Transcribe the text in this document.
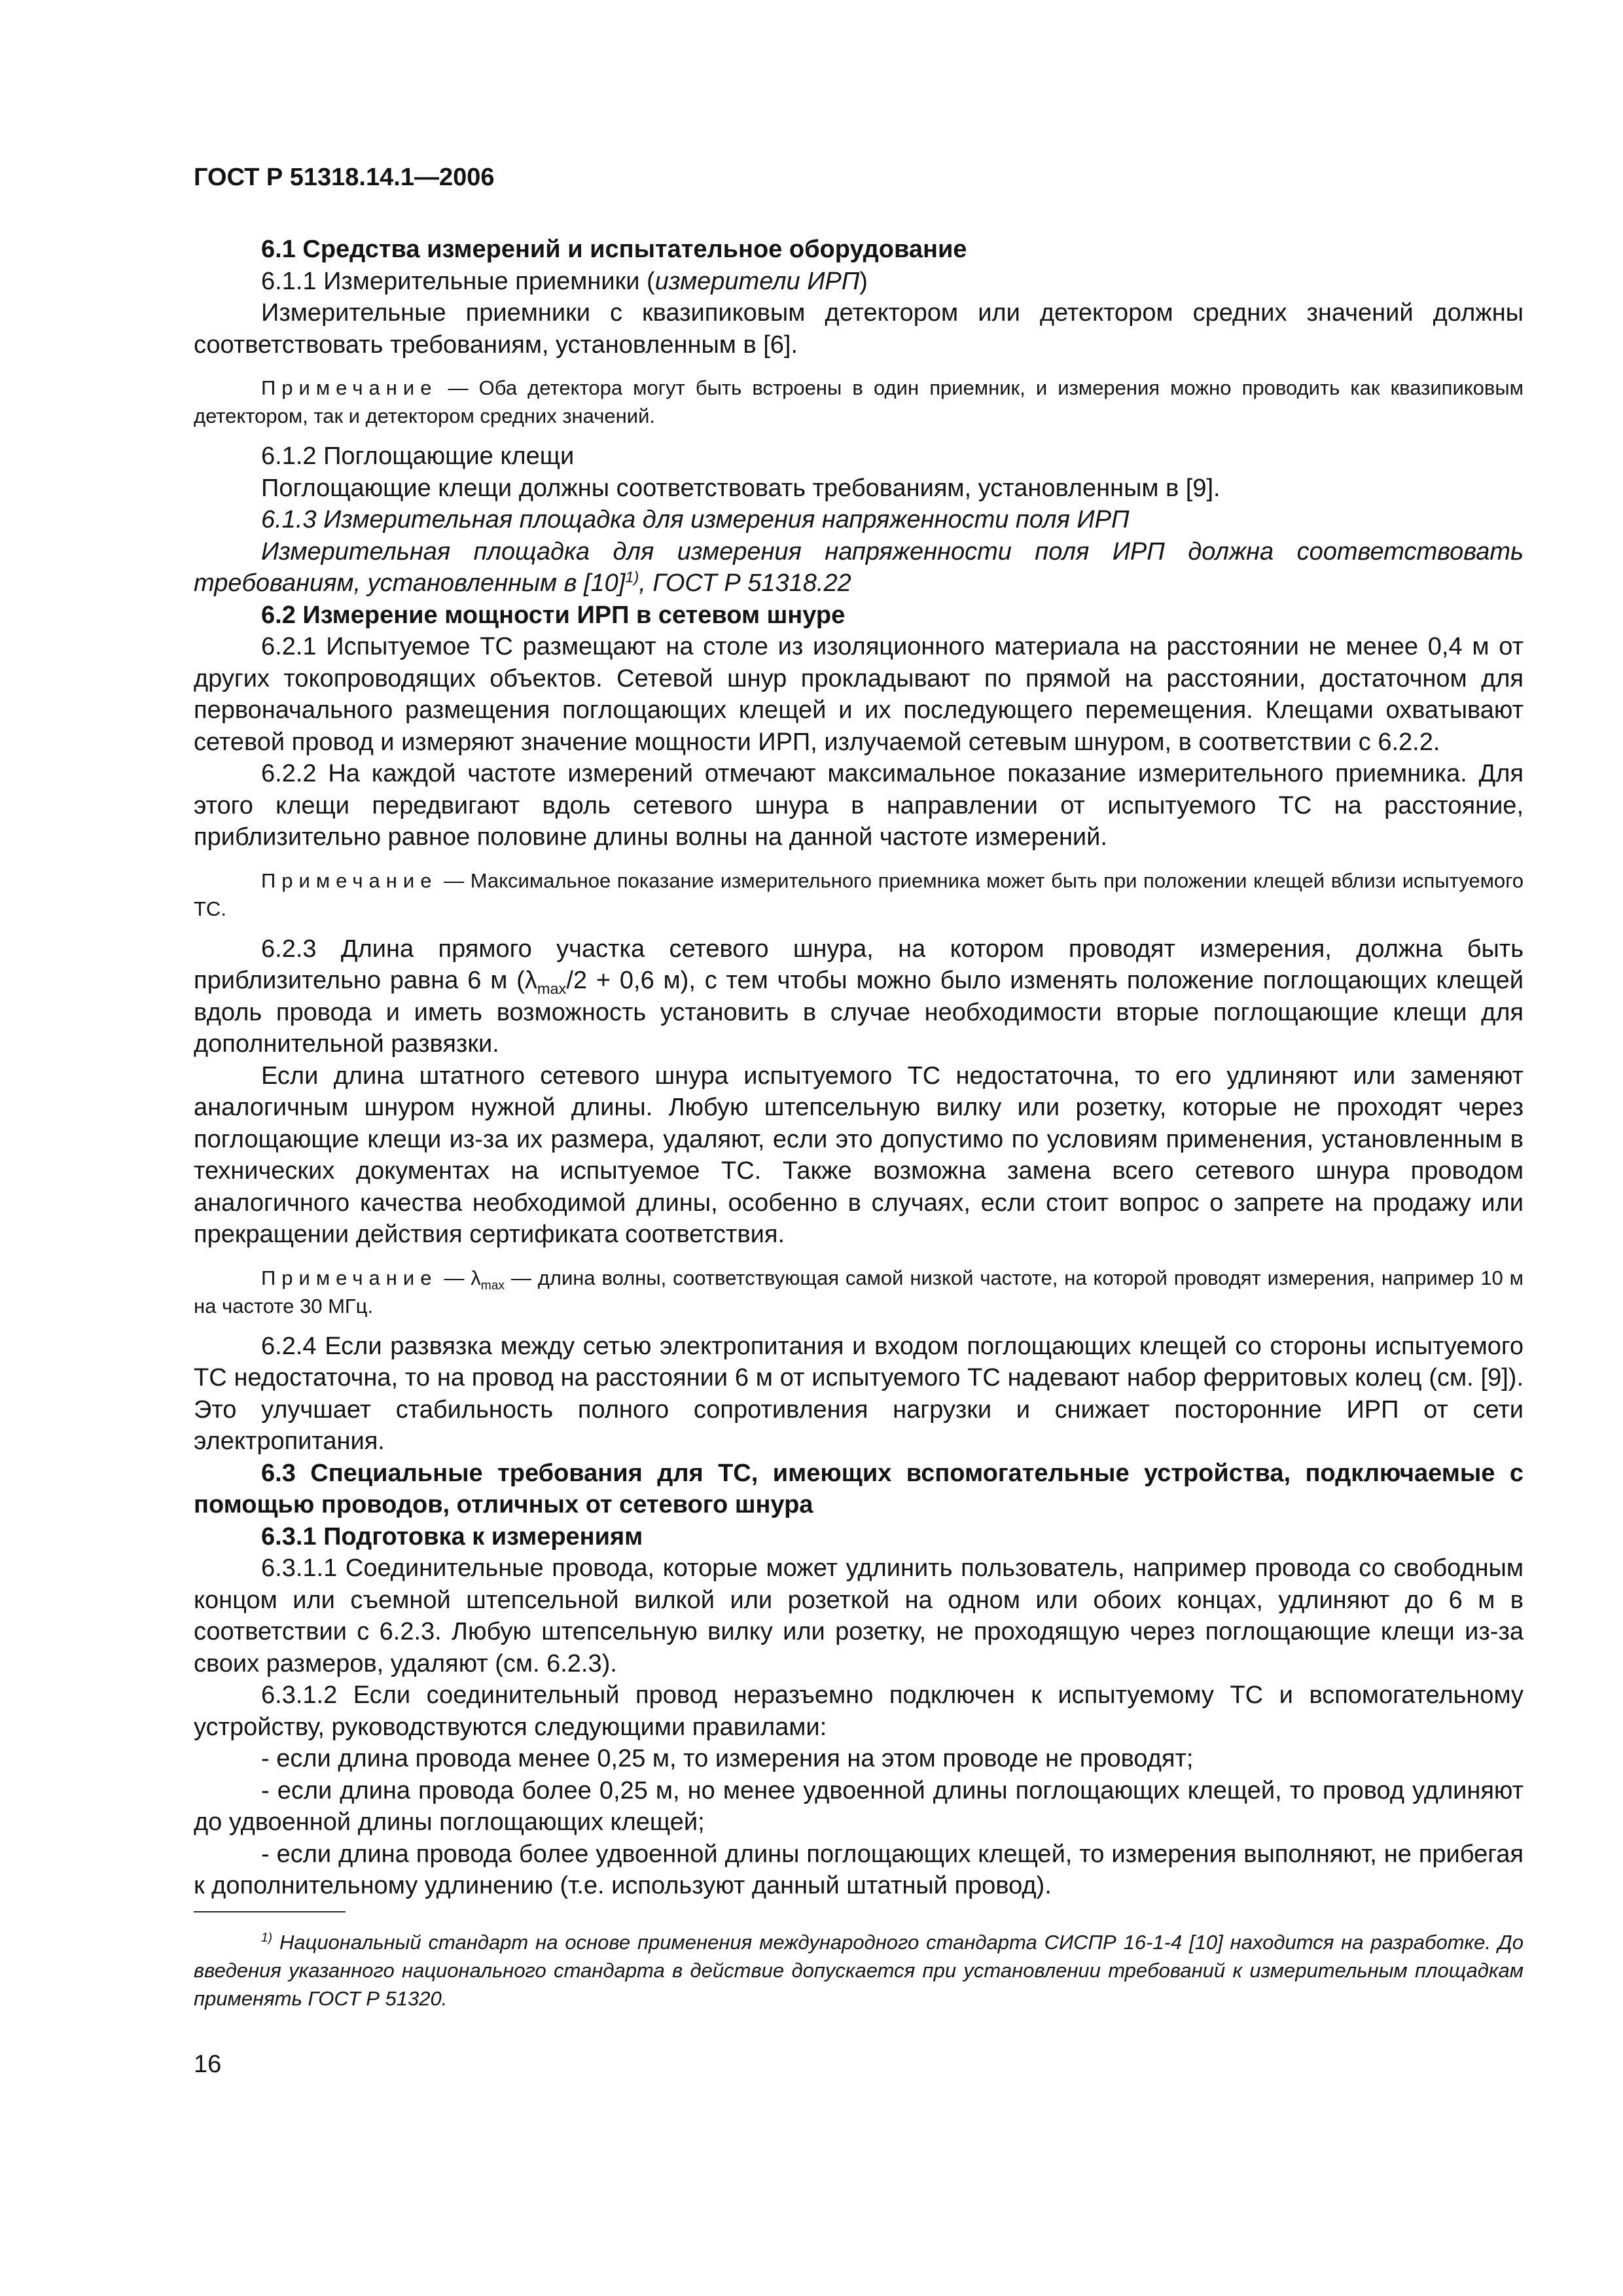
ГОСТ Р 51318.14.1—2006

6.1 Средства измерений и испытательное оборудование

6.1.1 Измерительные приемники (измерители ИРП)

Измерительные приемники с квазипиковым детектором или детектором средних значений должны соответствовать требованиям, установленным в [6].

Примечание — Оба детектора могут быть встроены в один приемник, и измерения можно проводить как квазипиковым детектором, так и детектором средних значений.

6.1.2 Поглощающие клещи

Поглощающие клещи должны соответствовать требованиям, установленным в [9].

6.1.3 Измерительная площадка для измерения напряженности поля ИРП

Измерительная площадка для измерения напряженности поля ИРП должна соответствовать требованиям, установленным в $[10]^{1)}$, ГОСТ Р 51318.22

6.2 Измерение мощности ИРП в сетевом шнуре

6.2.1 Испытуемое ТС размещают на столе из изоляционного материала на расстоянии не менее 0,4 м от других токопроводящих объектов. Сетевой шнур прокладывают по прямой на расстоянии, достаточном для первоначального размещения поглощающих клещей и их последующего перемещения. Клещами охватывают сетевой провод и измеряют значение мощности ИРП, излучаемой сетевым шнуром, в соответствии с 6.2.2.

6.2.2 На каждой частоте измерений отмечают максимальное показание измерительного приемника. Для этого клещи передвигают вдоль сетевого шнура в направлении от испытуемого ТС на расстояние, приблизительно равное половине длины волны на данной частоте измерений.

Примечание — Максимальное показание измерительного приемника может быть при положении клещей вблизи испытуемого ТС.

6.2.3 Длина прямого участка сетевого шнура, на котором проводят измерения, должна быть приблизительно равна 6 м ($\lambda_{max}/2 + 0,6$ м), с тем чтобы можно было изменять положение поглощающих клещей вдоль провода и иметь возможность установить в случае необходимости вторые поглощающие клещи для дополнительной развязки.

Если длина штатного сетевого шнура испытуемого ТС недостаточна, то его удлиняют или заменяют аналогичным шнуром нужной длины. Любую штепсельную вилку или розетку, которые не проходят через поглощающие клещи из-за их размера, удаляют, если это допустимо по условиям применения, установленным в технических документах на испытуемое ТС. Также возможна замена всего сетевого шнура проводом аналогичного качества необходимой длины, особенно в случаях, если стоит вопрос о запрете на продажу или прекращении действия сертификата соответствия.

Примечание — $\lambda_{max}$ — длина волны, соответствующая самой низкой частоте, на которой проводят измерения, например 10 м на частоте 30 МГц.

6.2.4 Если развязка между сетью электропитания и входом поглощающих клещей со стороны испытуемого ТС недостаточна, то на провод на расстоянии 6 м от испытуемого ТС надевают набор ферритовых колец (см. [9]). Это улучшает стабильность полного сопротивления нагрузки и снижает посторонние ИРП от сети электропитания.

6.3 Специальные требования для ТС, имеющих вспомогательные устройства, подключаемые с помощью проводов, отличных от сетевого шнура

6.3.1 Подготовка к измерениям

6.3.1.1 Соединительные провода, которые может удлинить пользователь, например провода со свободным концом или съемной штепсельной вилкой или розеткой на одном или обоих концах, удлиняют до 6 м в соответствии с 6.2.3. Любую штепсельную вилку или розетку, не проходящую через поглощающие клещи из-за своих размеров, удаляют (см. 6.2.3).

6.3.1.2 Если соединительный провод неразъемно подключен к испытуемому ТС и вспомогательному устройству, руководствуются следующими правилами:

- если длина провода менее 0,25 м, то измерения на этом проводе не проводят;

- если длина провода более 0,25 м, но менее удвоенной длины поглощающих клещей, то провод удлиняют до удвоенной длины поглощающих клещей;

- если длина провода более удвоенной длины поглощающих клещей, то измерения выполняют, не прибегая к дополнительному удлинению (т.е. используют данный штатный провод).

$^{1)}$ Национальный стандарт на основе применения международного стандарта СИСПР 16-1-4 [10] находится на разработке. До введения указанного национального стандарта в действие допускается при установлении требований к измерительным площадкам применять ГОСТ Р 51320.

16
